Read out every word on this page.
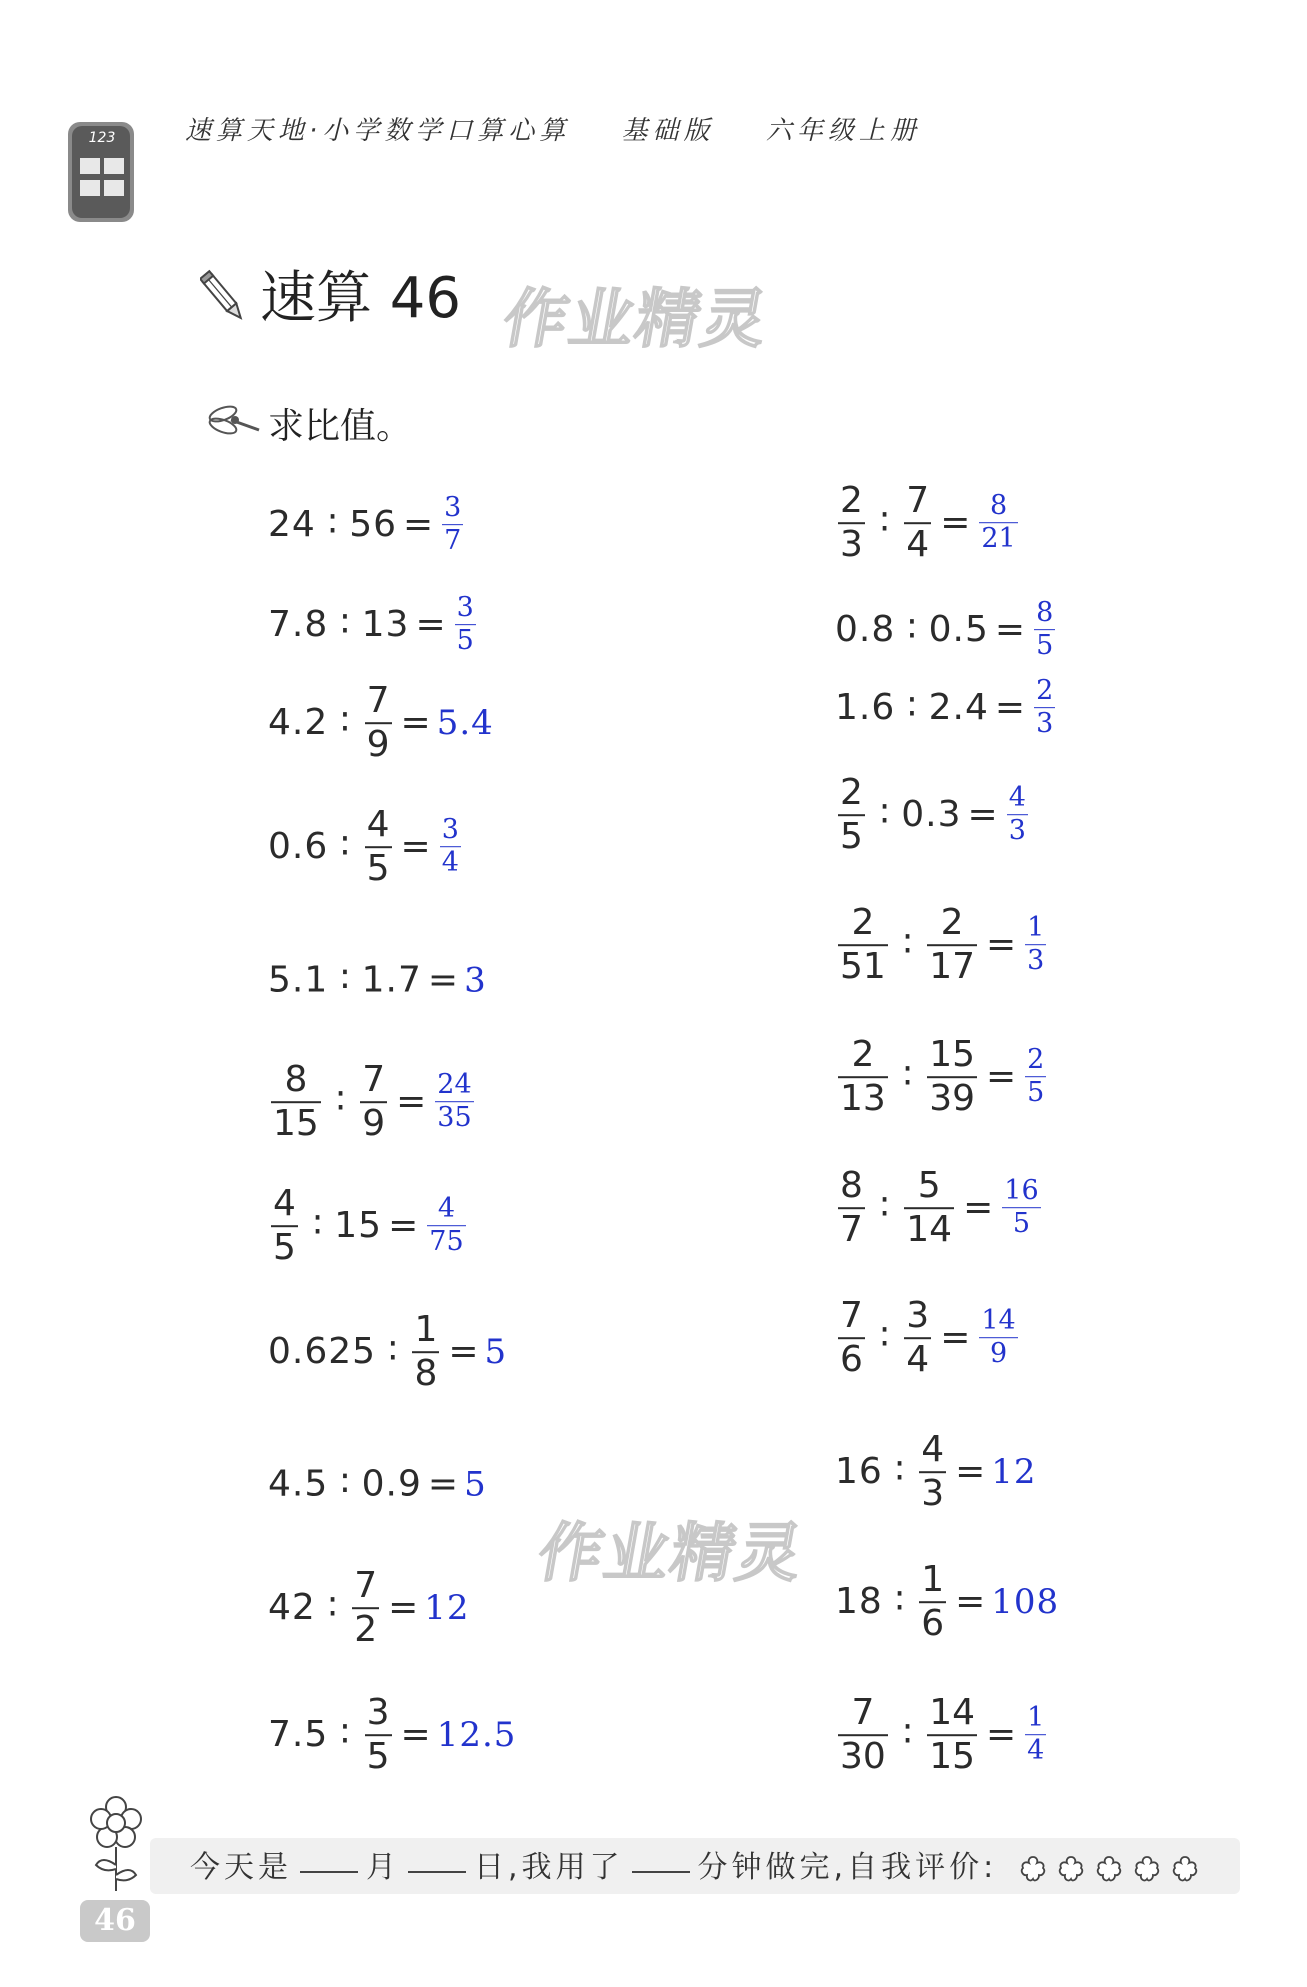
123	速算天地·小学数学口算心算 基础版 六年级上册
速算 46 作业精灵
求比值。
24 ∶ $56 = \frac{3}{7}$
7.8 ∶ $13 = \frac{3}{5}$
4.2 ∶ $\frac{7}{9} = 5.4$
0.6 ∶ $\frac{4}{5} = \frac{3}{4}$
5.1 ∶ 1.7 = 3
$\frac{8}{15}$ ∶ $\frac{7}{9} = \frac{24}{35}$
$\frac{4}{5}$ ∶ $15 = \frac{4}{75}$
0.625 ∶ $\frac{1}{8} = 5$
4.5 ∶ 0.9 = 5
42 ∶ $\frac{7}{2} = 12$
7.5 ∶ $\frac{3}{5} = 12.5$
$\frac{2}{3}$ ∶ $\frac{7}{4} = \frac{8}{21}$
0.8 ∶ $0.5 = \frac{8}{5}$
1.6 ∶ $2.4 = \frac{2}{3}$
$\frac{2}{5}$ ∶ $0.3 = \frac{4}{3}$
$\frac{2}{51}$ ∶ $\frac{2}{17} = \frac{1}{3}$
$\frac{2}{13}$ ∶ $\frac{15}{39} = \frac{2}{5}$
$\frac{8}{7}$ ∶ $\frac{5}{14} = \frac{16}{5}$
$\frac{7}{6}$ ∶ $\frac{3}{4} = \frac{14}{9}$
16 ∶ $\frac{4}{3} = 12$
18 ∶ $\frac{1}{6} = 108$
$\frac{7}{30}$ ∶ $\frac{14}{15} = \frac{1}{4}$
作业精灵
今天是 月 日,我用了 分钟做完,自我评价:
46
